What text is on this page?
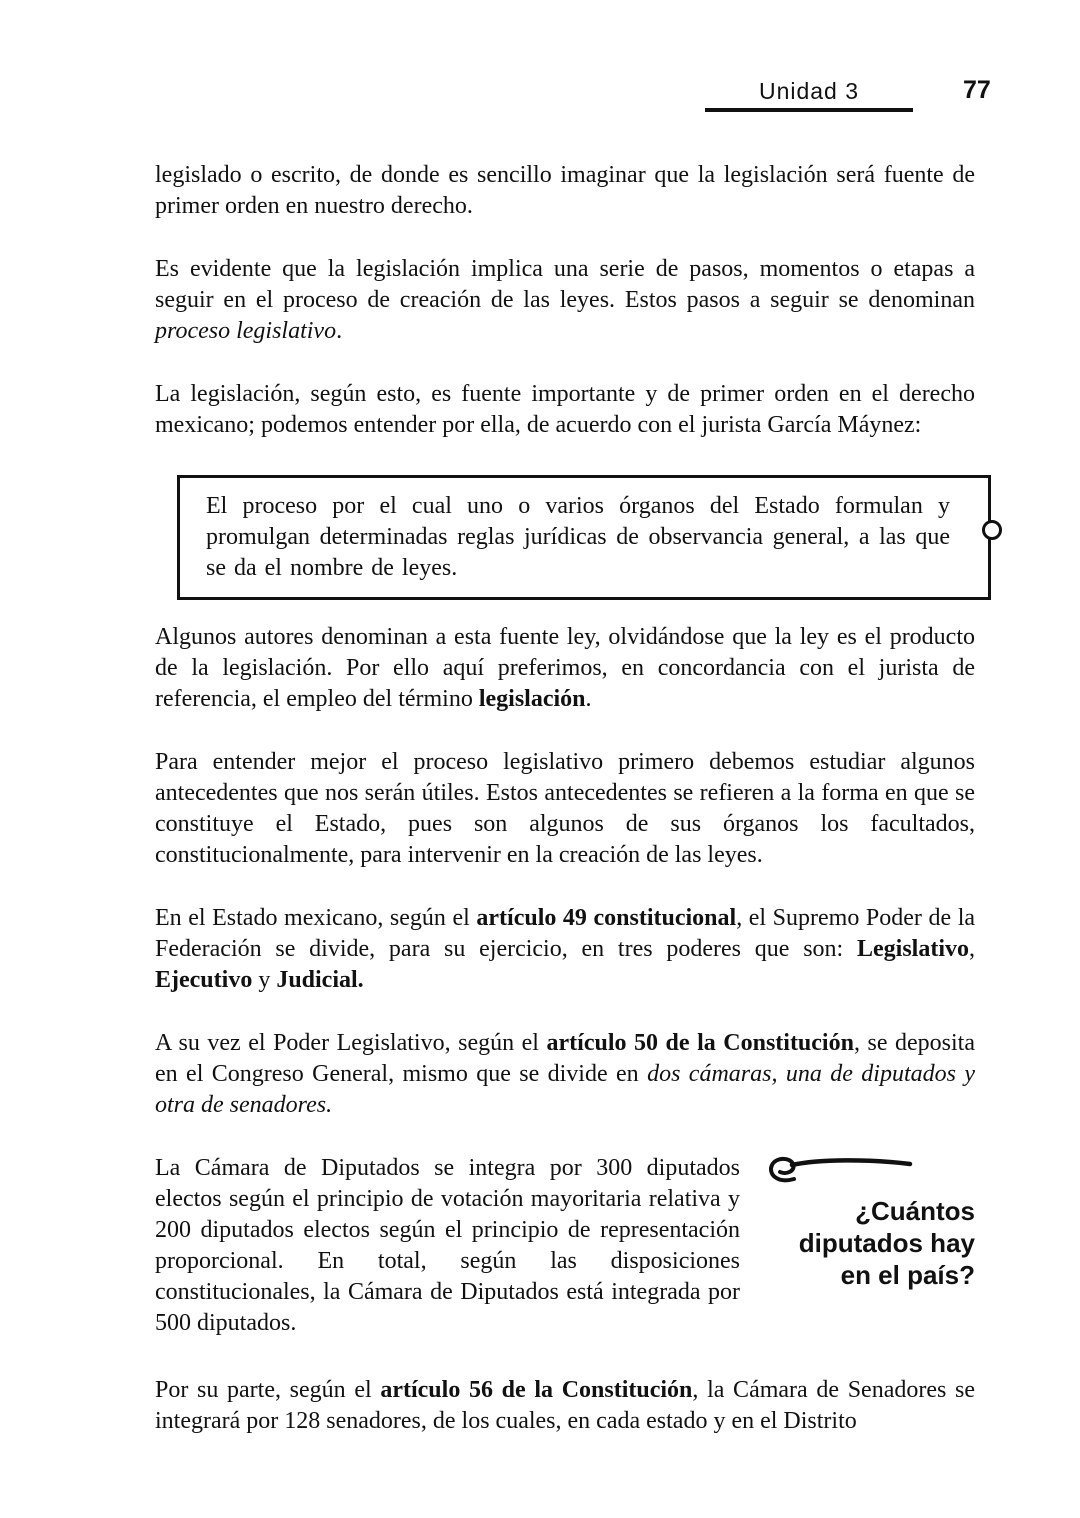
Unidad 3	77

legislado o escrito, de donde es sencillo imaginar que la legislación será fuente de primer orden en nuestro derecho.

Es evidente que la legislación implica una serie de pasos, momentos o etapas a seguir en el proceso de creación de las leyes. Estos pasos a seguir se denominan proceso legislativo.

La legislación, según esto, es fuente importante y de primer orden en el derecho mexicano; podemos entender por ella, de acuerdo con el jurista García Máynez:

El proceso por el cual uno o varios órganos del Estado formulan y promulgan determinadas reglas jurídicas de observancia general, a las que se da el nombre de leyes.

Algunos autores denominan a esta fuente ley, olvidándose que la ley es el producto de la legislación. Por ello aquí preferimos, en concordancia con el jurista de referencia, el empleo del término legislación.

Para entender mejor el proceso legislativo primero debemos estudiar algunos antecedentes que nos serán útiles. Estos antecedentes se refieren a la forma en que se constituye el Estado, pues son algunos de sus órganos los facultados, constitucionalmente, para intervenir en la creación de las leyes.

En el Estado mexicano, según el artículo 49 constitucional, el Supremo Poder de la Federación se divide, para su ejercicio, en tres poderes que son: Legislativo, Ejecutivo y Judicial.

A su vez el Poder Legislativo, según el artículo 50 de la Constitución, se deposita en el Congreso General, mismo que se divide en dos cámaras, una de diputados y otra de senadores.

La Cámara de Diputados se integra por 300 diputados electos según el principio de votación mayoritaria relativa y 200 diputados electos según el principio de representación proporcional. En total, según las disposiciones constitucionales, la Cámara de Diputados está integrada por 500 diputados.

¿Cuántos
diputados hay
en el país?

Por su parte, según el artículo 56 de la Constitución, la Cámara de Senadores se integrará por 128 senadores, de los cuales, en cada estado y en el Distrito
